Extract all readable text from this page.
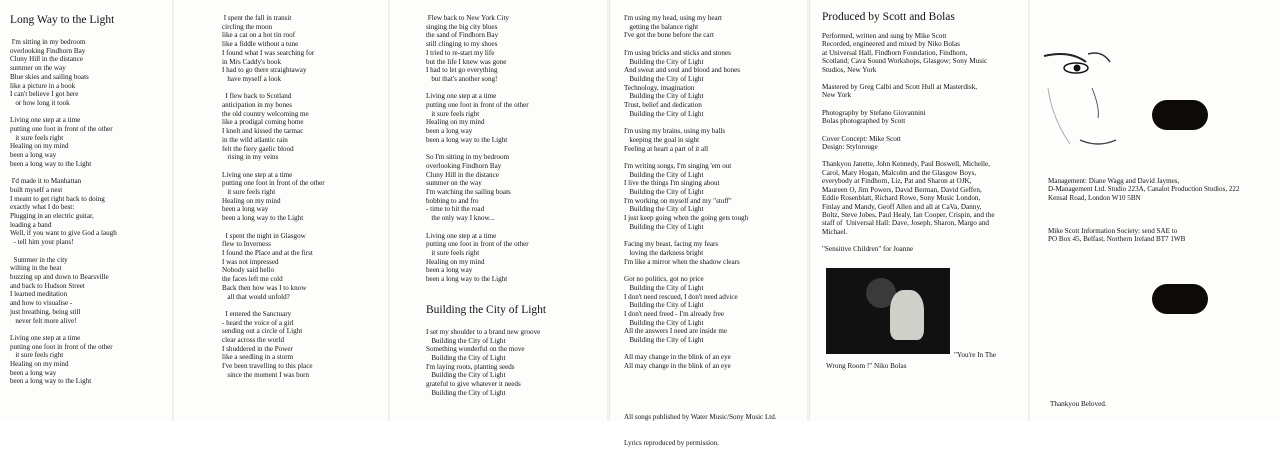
Long Way to the Light
I'm sitting in my bedroom
overlooking Findhorn Bay
Cluny Hill in the distance
summer on the way
Blue skies and sailing boats
like a picture in a book
I can't believe I got here
or how long it took

Living one step at a time
putting one foot in front of the other
it sure feels right
Healing on my mind
been a long way
been a long way to the Light

I'd made it to Manhattan
built myself a nest
I meant to get right back to doing
exactly what I do best:
Plugging in an electric guitar,
leading a band
Well, if you want to give God a laugh
- tell him your plans!

Summer in the city
wilting in the heat
buzzing up and down to Bearsville
and back to Hudson Street
I learned meditation
and how to visualise -
just breathing, being still
never felt more alive!

Living one step at a time
putting one foot in front of the other
it sure feels right
Healing on my mind
been a long way
been a long way to the Light
I spent the fall in transit
circling the moon
like a cat on a hot tin roof
like a fiddle without a tune
I found what I was searching for
in Mrs Caddy's book
I had to go there straightaway
have myself a look

I flew back to Scotland
anticipation in my bones
the old country welcoming me
like a prodigal coming home
I knelt and kissed the tarmac
in the wild atlantic rain
felt the fiery gaelic blood
rising in my veins

Living one step at a time
putting one foot in front of the other
it sure feels right
Healing on my mind
been a long way
been a long way to the Light

I spent the night in Glasgow
flew to Inverness
I found the Place and at the first
I was not impressed
Nobody said hello
the faces left me cold
Back then how was I to know
all that would unfold?

I entered the Sanctuary
- heard the voice of a girl
sending out a circle of Light
clear across the world
I shuddered in the Power
like a seedling in a storm
I've been travelling to this place
since the moment I was born
Flew back to New York City
singing the big city blues
the sand of Findhorn Bay
still clinging to my shoes
I tried to re-start my life
but the life I knew was gone
I had to let go everything
but that's another song!

Living one step at a time
putting one foot in front of the other
it sure feels right
Healing on my mind
been a long way
been a long way to the Light

So I'm sitting in my bedroom
overlooking Findhorn Bay
Cluny Hill in the distance
summer on the way
I'm watching the sailing boats
bobbing to and fro
- time to hit the road
the only way I know...

Living one step at a time
putting one foot in front of the other
it sure feels right
Healing on my mind
been a long way
been a long way to the Light
Building the City of Light
I set my shoulder to a brand new groove
Building the City of Light
Something wonderful on the move
Building the City of Light
I'm laying roots, planting seeds
Building the City of Light
grateful to give whatever it needs
Building the City of Light
I'm using my head, using my heart
getting the balance right
I've got the bone before the cart

I'm using bricks and sticks and stones
Building the City of Light
And sweat and soul and blood and bones
Building the City of Light
Technology, imagination
Building the City of Light
Trust, belief and dedication
Building the City of Light

I'm using my brains, using my balls
keeping the goal in sight
Feeling at heart a part of it all

I'm writing songs, I'm singing 'em out
Building the City of Light
I live the things I'm singing about
Building the City of Light
I'm working on myself and my "stuff"
Building the City of Light
I just keep going when the going gets tough
Building the City of Light

Facing my beast, facing my fears
loving the darkness bright
I'm like a mirror when the shadow clears

Got no politics, got no price
Building the City of Light
I don't need rescued, I don't need advice
Building the City of Light
I don't need freed - I'm already free
Building the City of Light
All the answers I need are inside me
Building the City of Light

All may change in the blink of an eye
All may change in the blink of an eye

All songs published by Water Music/Sony Music Ltd.

Lyrics reproduced by permission.

Produced by Scott and Bolas

Performed, written and sung by Mike Scott
Recorded, engineered and mixed by Niko Bolas
at Universal Hall, Findhorn Foundation, Findhorn,
Scotland; Cava Sound Workshops, Glasgow; Sony Music
Studios, New York

Mastered by Greg Calbi and Scott Hull at Masterdisk,
New York

Photography by Stefano Giovannini
Bolas photographed by Scott

Cover Concept: Mike Scott
Design: Stylorouge

Thankyou Janette, John Kennedy, Paul Boswell, Michelle,
Carol, Mary Hogan, Malcolm and the Glasgow Boys,
everybody at Findhorn, Liz, Pat and Sharon at OJK,
Maureen O, Jim Powers, David Berman, David Geffen,
Eddie Rosenblatt, Richard Rowe, Sony Music London,
Finlay and Mandy, Geoff Allen and all at CaVa, Danny,
Boltz, Steve Jobes, Paul Healy, Ian Cooper, Crispin, and the
staff of  Universal Hall: Dave, Joseph, Sharon, Margo and
Michael.

"Sensitive Children" for Joanne

"You're In The
Wrong Room !" Niko Bolas

Management: Diane Wagg and David Jaymes,
D-Management Ltd. Studio 223A, Canalot Production Studios, 222
Kensal Road, London W10 5BN

Mike Scott Information Society: send SAE to
PO Box 45, Belfast, Northern Ireland BT7 1WB

Thankyou Beloved.
